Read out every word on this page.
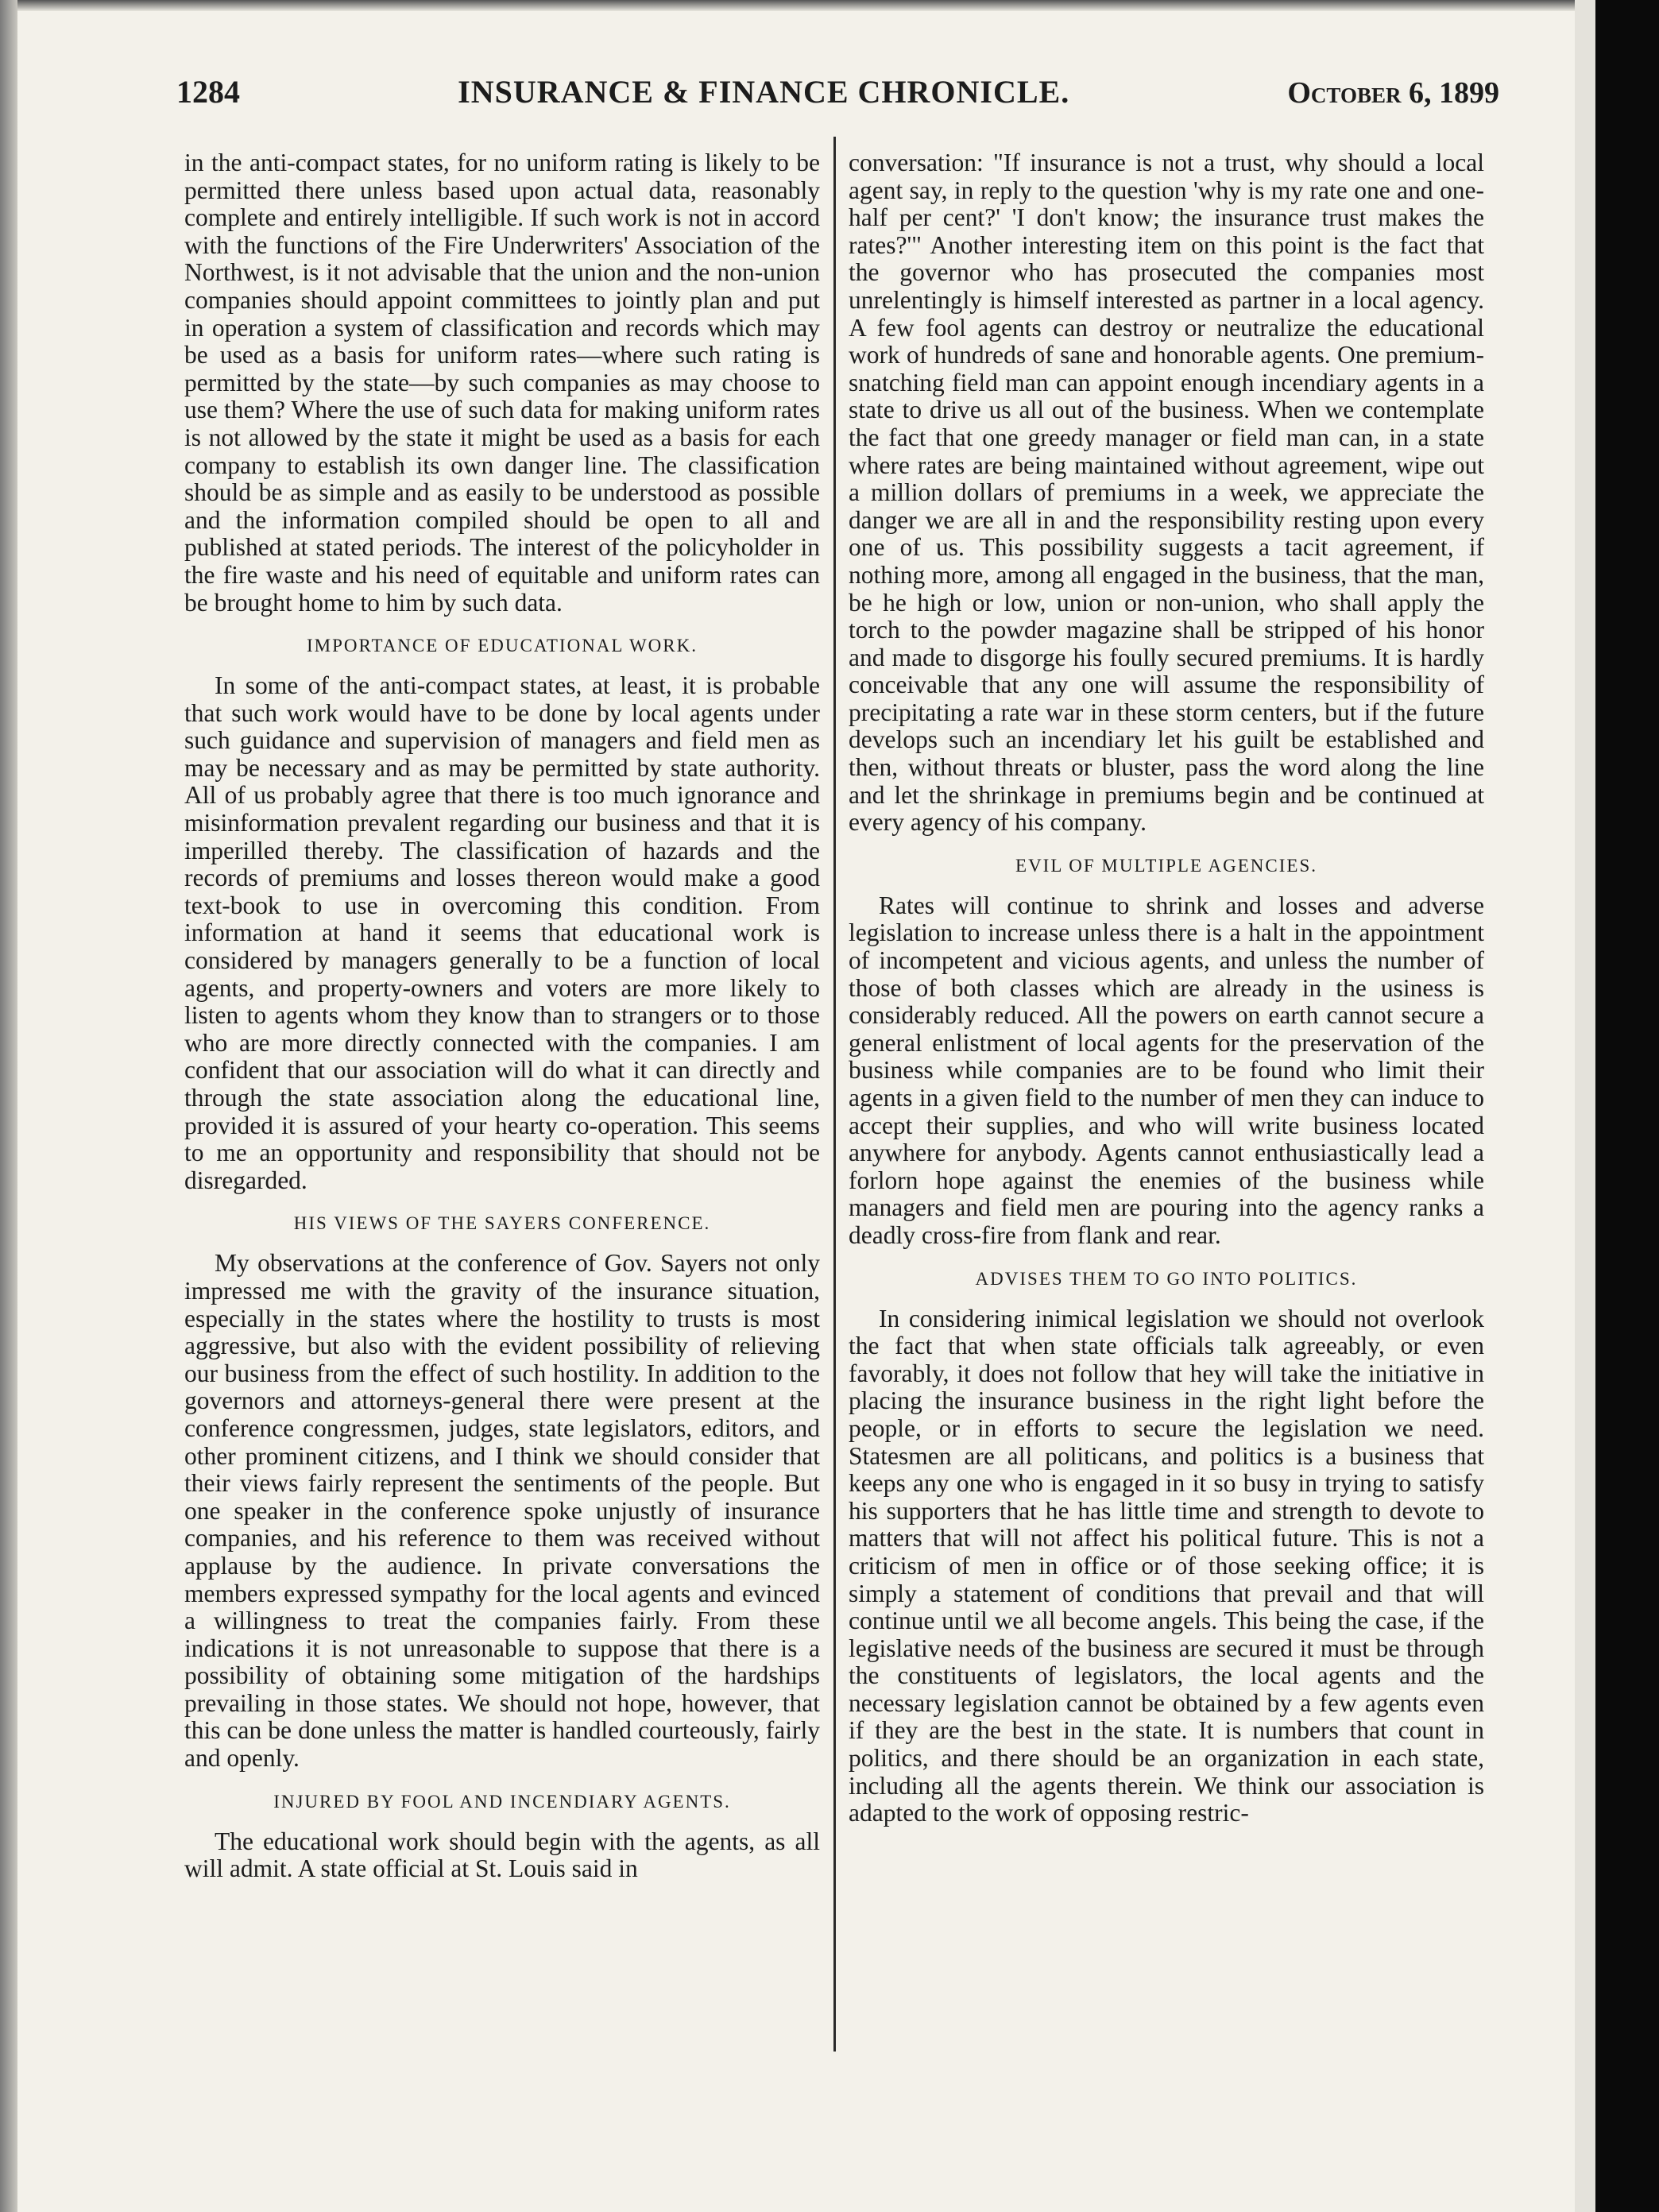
1284	INSURANCE & FINANCE CHRONICLE.	October 6, 1899

in the anti-compact states, for no uniform rating is likely to be permitted there unless based upon actual data, reasonably complete and entirely intelligible. If such work is not in accord with the functions of the Fire Underwriters' Association of the Northwest, is it not advisable that the union and the non-union companies should appoint committees to jointly plan and put in operation a system of classification and records which may be used as a basis for uniform rates—where such rating is permitted by the state—by such companies as may choose to use them? Where the use of such data for making uniform rates is not allowed by the state it might be used as a basis for each company to establish its own danger line. The classification should be as simple and as easily to be understood as possible and the information compiled should be open to all and published at stated periods. The interest of the policyholder in the fire waste and his need of equitable and uniform rates can be brought home to him by such data.

IMPORTANCE OF EDUCATIONAL WORK.

In some of the anti-compact states, at least, it is probable that such work would have to be done by local agents under such guidance and supervision of managers and field men as may be necessary and as may be permitted by state authority. All of us probably agree that there is too much ignorance and misinformation prevalent regarding our business and that it is imperilled thereby. The classification of hazards and the records of premiums and losses thereon would make a good text-book to use in overcoming this condition. From information at hand it seems that educational work is considered by managers generally to be a function of local agents, and property-owners and voters are more likely to listen to agents whom they know than to strangers or to those who are more directly connected with the companies. I am confident that our association will do what it can directly and through the state association along the educational line, provided it is assured of your hearty co-operation. This seems to me an opportunity and responsibility that should not be disregarded.

HIS VIEWS OF THE SAYERS CONFERENCE.

My observations at the conference of Gov. Sayers not only impressed me with the gravity of the insurance situation, especially in the states where the hostility to trusts is most aggressive, but also with the evident possibility of relieving our business from the effect of such hostility. In addition to the governors and attorneys-general there were present at the conference congressmen, judges, state legislators, editors, and other prominent citizens, and I think we should consider that their views fairly represent the sentiments of the people. But one speaker in the conference spoke unjustly of insurance companies, and his reference to them was received without applause by the audience. In private conversations the members expressed sympathy for the local agents and evinced a willingness to treat the companies fairly. From these indications it is not unreasonable to suppose that there is a possibility of obtaining some mitigation of the hardships prevailing in those states. We should not hope, however, that this can be done unless the matter is handled courteously, fairly and openly.

INJURED BY FOOL AND INCENDIARY AGENTS.

The educational work should begin with the agents, as all will admit. A state official at St. Louis said in

conversation: "If insurance is not a trust, why should a local agent say, in reply to the question 'why is my rate one and one-half per cent?' 'I don't know; the insurance trust makes the rates?'" Another interesting item on this point is the fact that the governor who has prosecuted the companies most unrelentingly is himself interested as partner in a local agency. A few fool agents can destroy or neutralize the educational work of hundreds of sane and honorable agents. One premium-snatching field man can appoint enough incendiary agents in a state to drive us all out of the business. When we contemplate the fact that one greedy manager or field man can, in a state where rates are being maintained without agreement, wipe out a million dollars of premiums in a week, we appreciate the danger we are all in and the responsibility resting upon every one of us. This possibility suggests a tacit agreement, if nothing more, among all engaged in the business, that the man, be he high or low, union or non-union, who shall apply the torch to the powder magazine shall be stripped of his honor and made to disgorge his foully secured premiums. It is hardly conceivable that any one will assume the responsibility of precipitating a rate war in these storm centers, but if the future develops such an incendiary let his guilt be established and then, without threats or bluster, pass the word along the line and let the shrinkage in premiums begin and be continued at every agency of his company.

EVIL OF MULTIPLE AGENCIES.

Rates will continue to shrink and losses and adverse legislation to increase unless there is a halt in the appointment of incompetent and vicious agents, and unless the number of those of both classes which are already in the usiness is considerably reduced. All the powers on earth cannot secure a general enlistment of local agents for the preservation of the business while companies are to be found who limit their agents in a given field to the number of men they can induce to accept their supplies, and who will write business located anywhere for anybody. Agents cannot enthusiastically lead a forlorn hope against the enemies of the business while managers and field men are pouring into the agency ranks a deadly cross-fire from flank and rear.

ADVISES THEM TO GO INTO POLITICS.

In considering inimical legislation we should not overlook the fact that when state officials talk agreeably, or even favorably, it does not follow that hey will take the initiative in placing the insurance business in the right light before the people, or in efforts to secure the legislation we need. Statesmen are all politicans, and politics is a business that keeps any one who is engaged in it so busy in trying to satisfy his supporters that he has little time and strength to devote to matters that will not affect his political future. This is not a criticism of men in office or of those seeking office; it is simply a statement of conditions that prevail and that will continue until we all become angels. This being the case, if the legislative needs of the business are secured it must be through the constituents of legislators, the local agents and the necessary legislation cannot be obtained by a few agents even if they are the best in the state. It is numbers that count in politics, and there should be an organization in each state, including all the agents therein. We think our association is adapted to the work of opposing restric-
